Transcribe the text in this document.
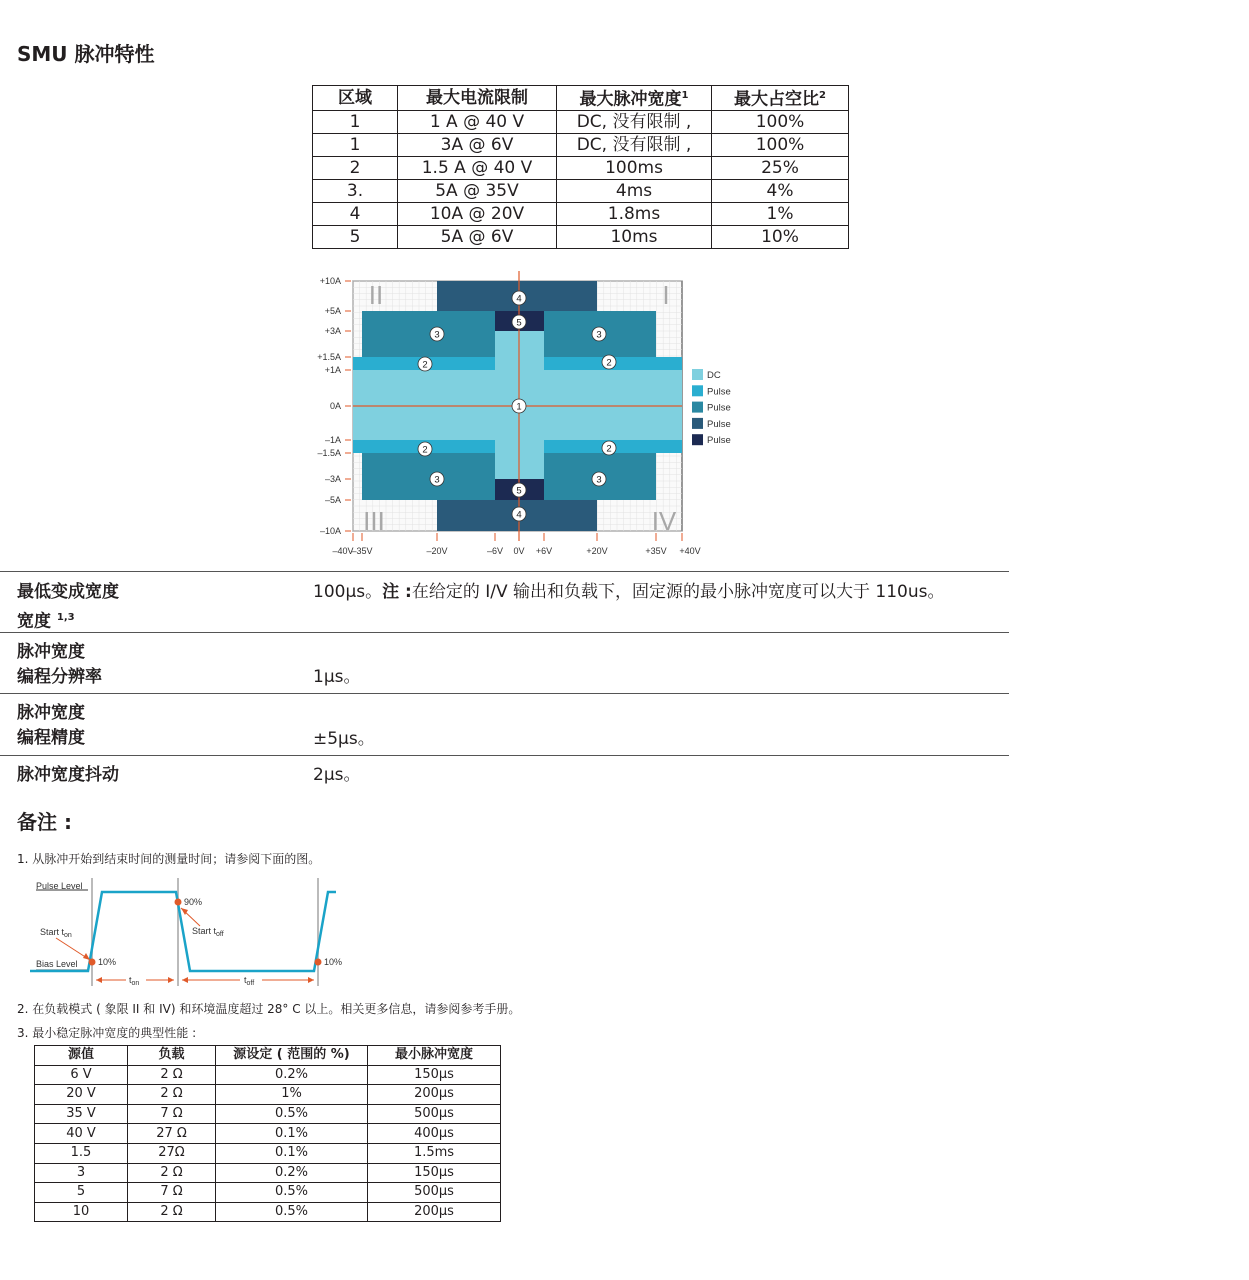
SMU 脉冲特性
区域	最大电流限制	最大脉冲宽度$^1$	最大占空比$^2$
1	1 A @ 40 V	DC, 没有限制 ,	100%
1	3A @ 6V	DC, 没有限制 ,	100%
2	1.5 A @ 40 V	100ms	25%
3.	5A @ 35V	4ms	4%
4	10A @ 20V	1.8ms	1%
5	5A @ 6V	10ms	10%
+10A
+5A
+3A
+1.5A
+1A
0A
–1A
–1.5A
–3A
–5A
–10A
–40V
–35V	–20V	–6V 0V +6V	+20V	+35V +40V
I
II
III	IV
4
5
3	3
2	2
1
2	2
3	3
5
4
DC
Pulse
Pulse
Pulse
Pulse
最低变成宽度
宽度 $^{1,3}$
100μs。注 :在给定的 I/V 输出和负载下，固定源的最小脉冲宽度可以大于 110us。
脉冲宽度
编程分辨率	1μs。
脉冲宽度
编程精度	±5μs。
脉冲宽度抖动	2μs。
备注 :
1. 从脉冲开始到结束时间的测量时间；请参阅下面的图。
Pulse Level
Bias Level
Start $t_{on}$	Start $t_{off}$
10%
90%
10%
$t_{on}$	$t_{off}$
2. 在负载模式 ( 象限 II 和 IV) 和环境温度超过 28° C 以上。相关更多信息，请参阅参考手册。
3. 最小稳定脉冲宽度的典型性能 :
源值	负载	源设定 ( 范围的 %)	最小脉冲宽度
6 V	2 Ω	0.2%	150μs
20 V	2 Ω	1%	200μs
35 V	7 Ω	0.5%	500μs
40 V	27 Ω	0.1%	400μs
1.5	27Ω	0.1%	1.5ms
3	2 Ω	0.2%	150μs
5	7 Ω	0.5%	500μs
10	2 Ω	0.5%	200μs
